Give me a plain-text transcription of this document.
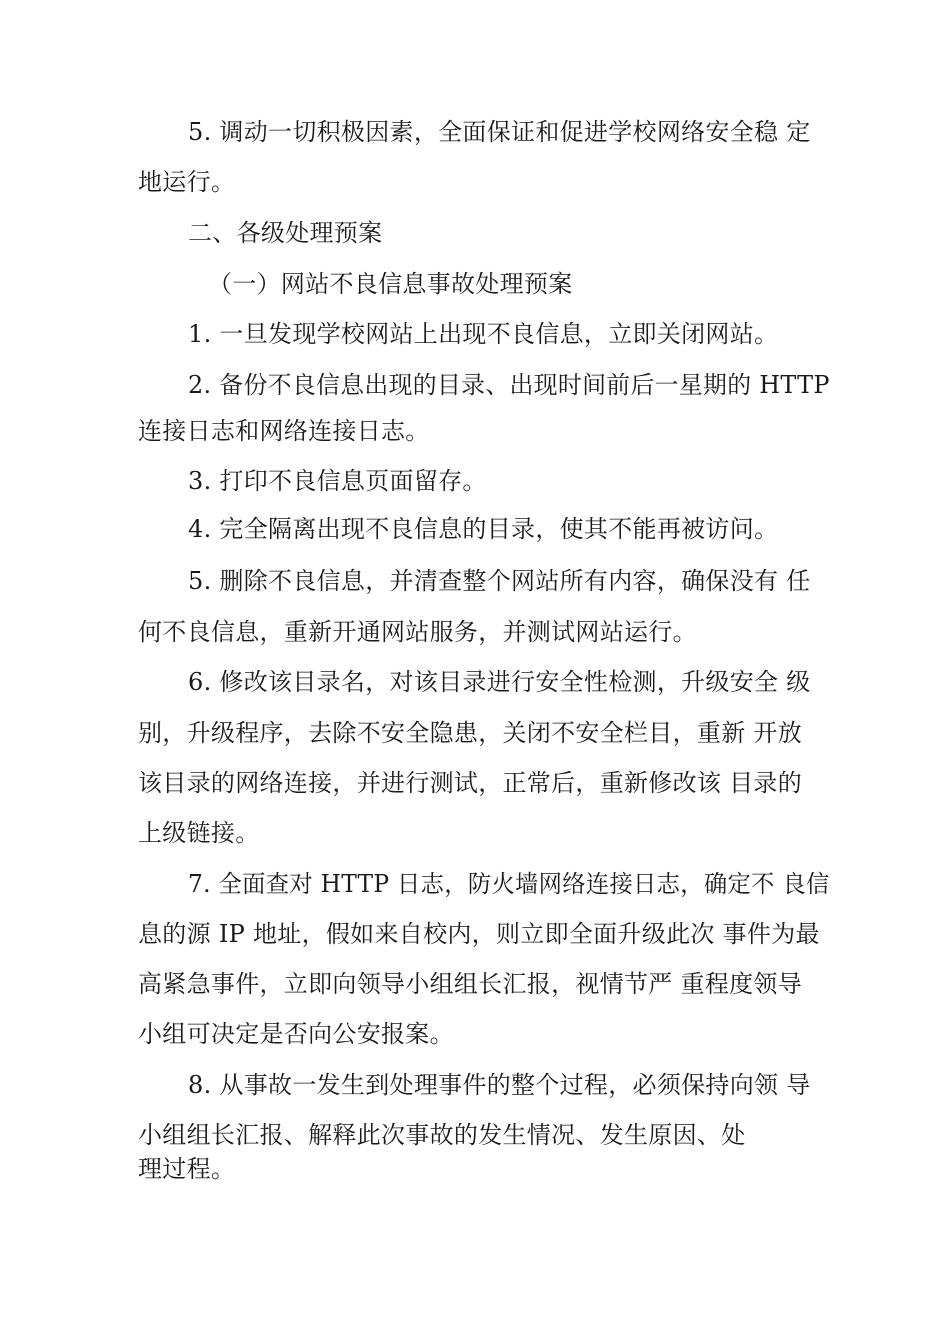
5. 调动一切积极因素，全面保证和促进学校网络安全稳 定
地运行。
二、各级处理预案
（一）网站不良信息事故处理预案
1. 一旦发现学校网站上出现不良信息，立即关闭网站。
2. 备份不良信息出现的目录、出现时间前后一星期的 HTTP
连接日志和网络连接日志。
3. 打印不良信息页面留存。
4. 完全隔离出现不良信息的目录，使其不能再被访问。
5. 删除不良信息，并清查整个网站所有内容，确保没有 任
何不良信息，重新开通网站服务，并测试网站运行。
6. 修改该目录名，对该目录进行安全性检测，升级安全 级
别，升级程序，去除不安全隐患，关闭不安全栏目，重新 开放
该目录的网络连接，并进行测试，正常后，重新修改该 目录的
上级链接。
7. 全面查对 HTTP 日志，防火墙网络连接日志，确定不 良信
息的源 IP 地址，假如来自校内，则立即全面升级此次 事件为最
高紧急事件，立即向领导小组组长汇报，视情节严 重程度领导
小组可决定是否向公安报案。
8. 从事故一发生到处理事件的整个过程，必须保持向领 导
小组组长汇报、解释此次事故的发生情况、发生原因、处
理过程。
